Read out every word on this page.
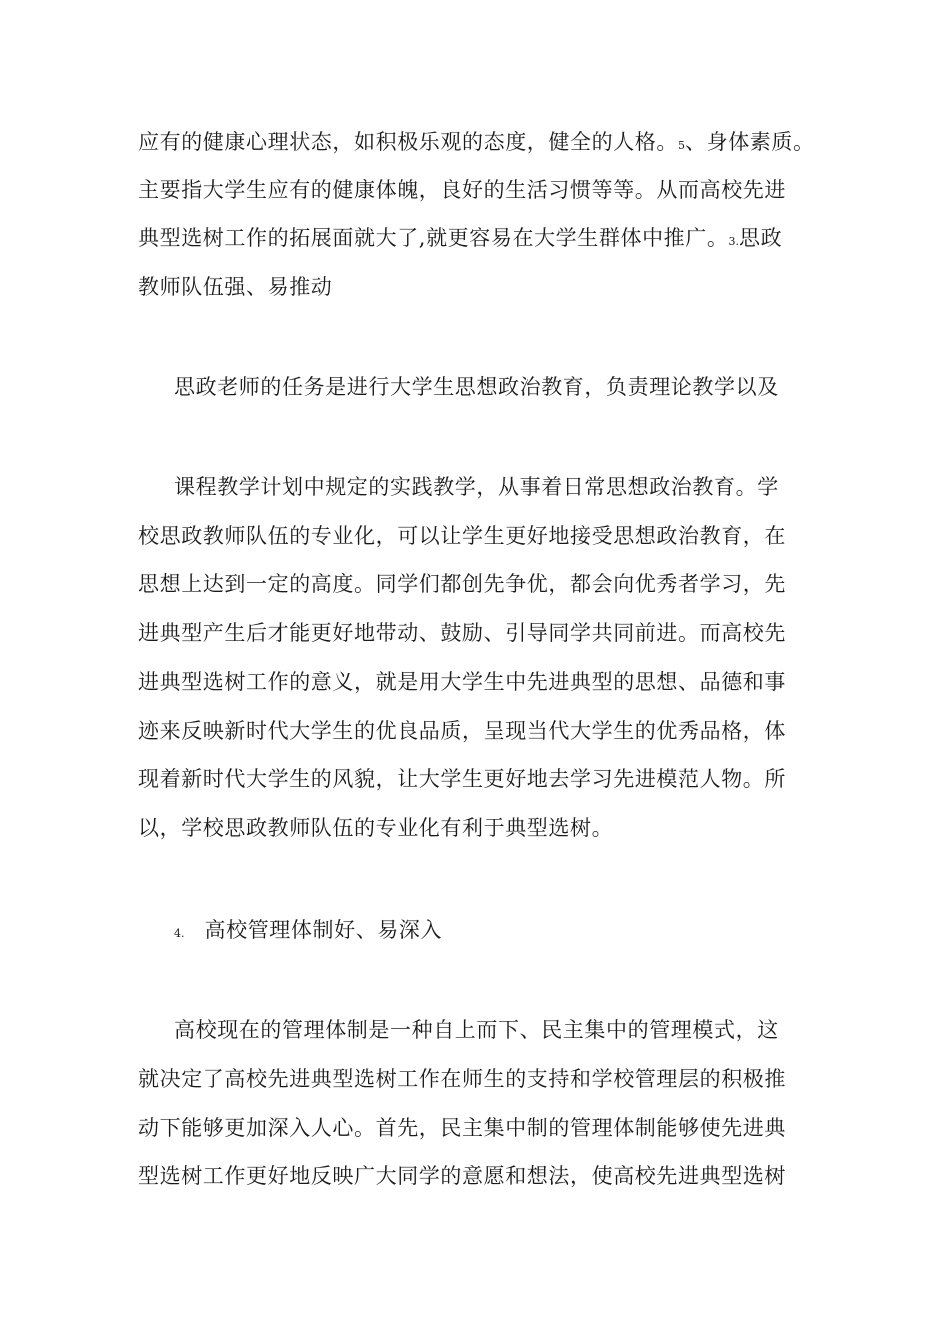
应有的健康心理状态，如积极乐观的态度，健全的人格。5、身体素质。
主要指大学生应有的健康体魄，良好的生活习惯等等。从而高校先进
典型选树工作的拓展面就大了,就更容易在大学生群体中推广。3.思政
教师队伍强、易推动
思政老师的任务是进行大学生思想政治教育，负责理论教学以及
课程教学计划中规定的实践教学，从事着日常思想政治教育。学
校思政教师队伍的专业化，可以让学生更好地接受思想政治教育，在
思想上达到一定的高度。同学们都创先争优，都会向优秀者学习，先
进典型产生后才能更好地带动、鼓励、引导同学共同前进。而高校先
进典型选树工作的意义，就是用大学生中先进典型的思想、品德和事
迹来反映新时代大学生的优良品质，呈现当代大学生的优秀品格，体
现着新时代大学生的风貌，让大学生更好地去学习先进模范人物。所
以，学校思政教师队伍的专业化有利于典型选树。
4. 高校管理体制好、易深入
高校现在的管理体制是一种自上而下、民主集中的管理模式，这
就决定了高校先进典型选树工作在师生的支持和学校管理层的积极推
动下能够更加深入人心。首先，民主集中制的管理体制能够使先进典
型选树工作更好地反映广大同学的意愿和想法，使高校先进典型选树
